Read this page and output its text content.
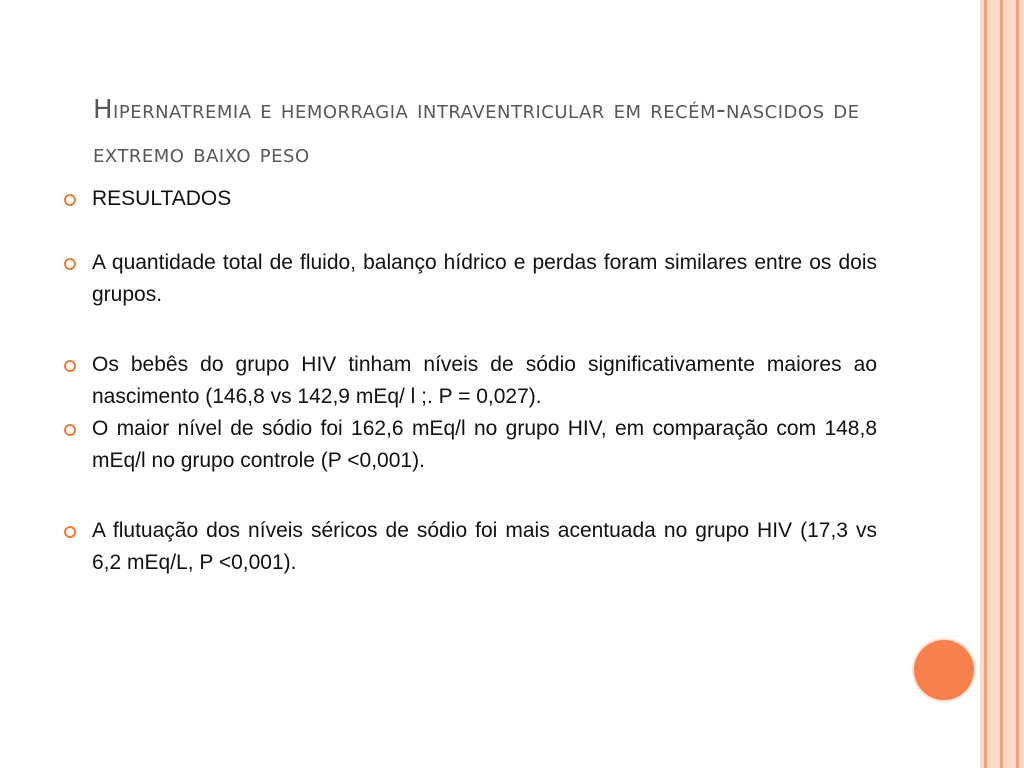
Hipernatremia e hemorragia intraventricular em recém-nascidos de extremo baixo peso
RESULTADOS
A quantidade total de fluido, balanço hídrico e perdas foram similares entre os dois grupos.
Os bebês do grupo HIV tinham níveis de sódio significativamente maiores ao nascimento (146,8 vs 142,9 mEq/ l ;. P = 0,027).
O maior nível de sódio foi 162,6 mEq/l no grupo HIV, em comparação com 148,8 mEq/l no grupo controle (P <0,001).
A flutuação dos níveis séricos de sódio foi mais acentuada no grupo HIV (17,3 vs 6,2 mEq/L, P <0,001).
